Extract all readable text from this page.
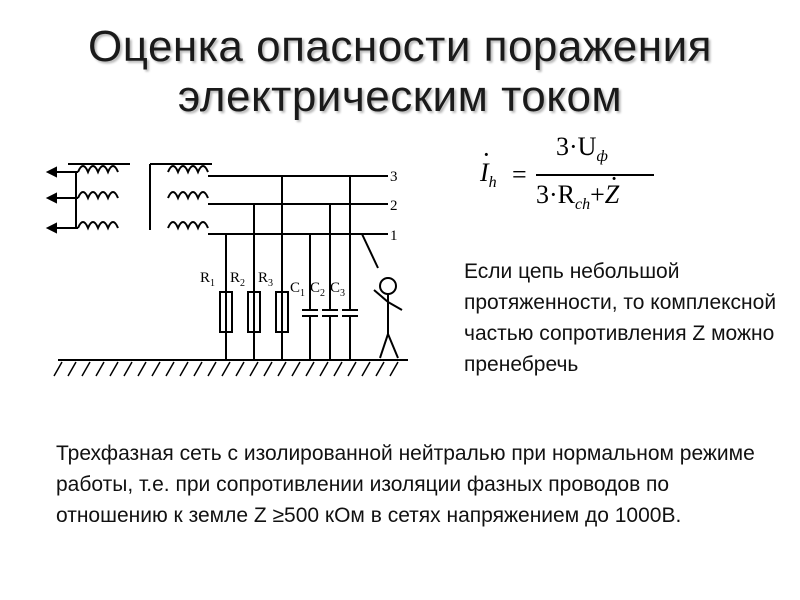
Оценка опасности поражения
электрическим током
3
2
1
$R_1$ $R_2$ $R_3$ $C_1$ $C_2$ $C_3$
·
$I_h$ =
$3\cdot U_ф$
$3\cdot R_{ch}+\cdot Z$
Если цепь небольшой протяженности, то комплексной частью сопротивления Z можно пренебречь
Трехфазная сеть с изолированной нейтралью при нормальном режиме работы, т.е. при сопротивлении изоляции фазных проводов по отношению к земле Z ≥500 кОм в сетях напряжением до 1000В.
